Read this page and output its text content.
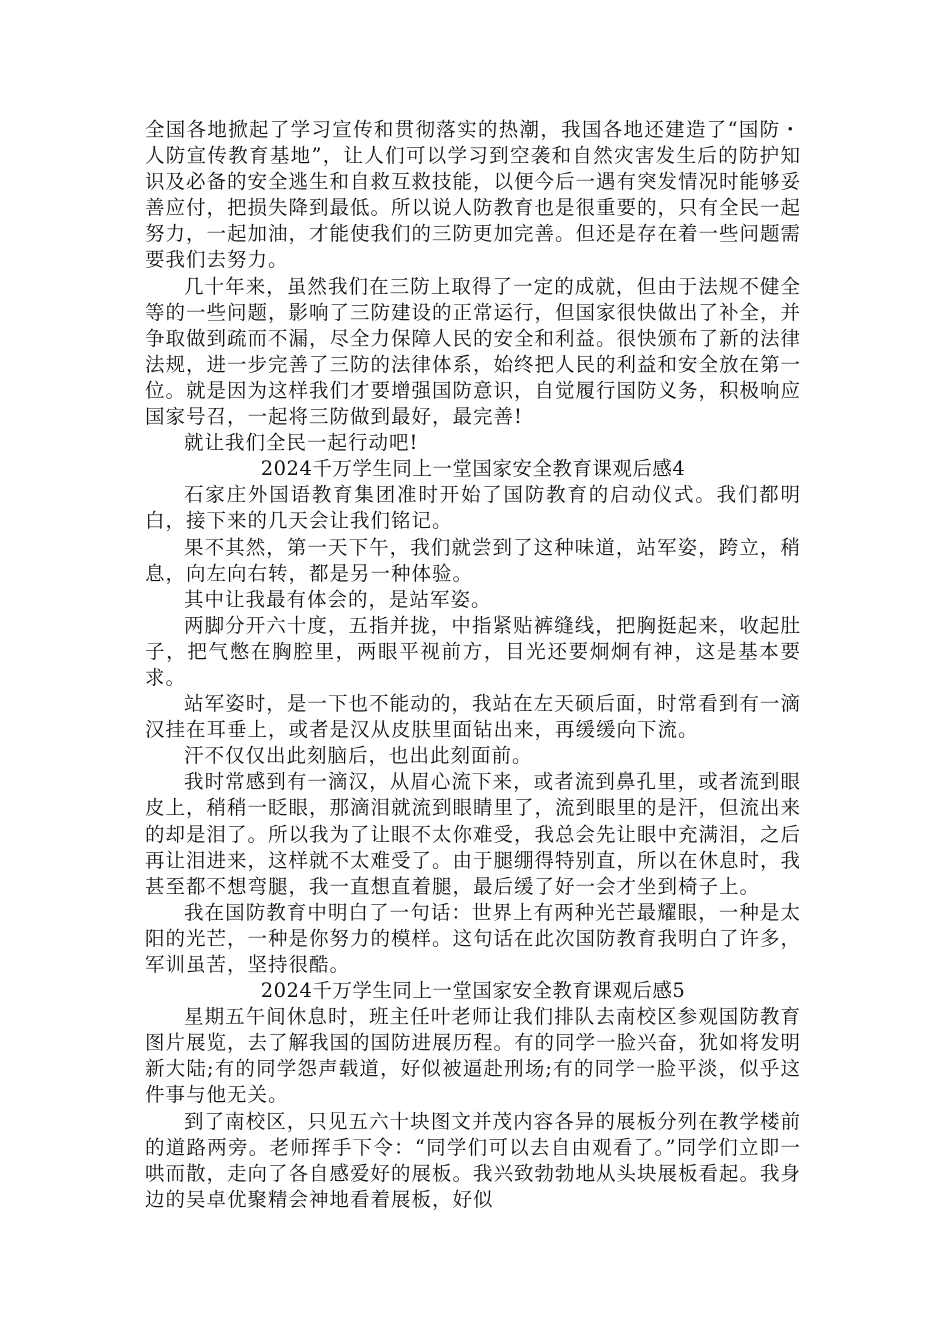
全国各地掀起了学习宣传和贯彻落实的热潮，我国各地还建造了“国防・人防宣传教育基地”，让人们可以学习到空袭和自然灾害发生后的防护知识及必备的安全逃生和自救互救技能，以便今后一遇有突发情况时能够妥善应付，把损失降到最低。所以说人防教育也是很重要的，只有全民一起努力，一起加油，才能使我们的三防更加完善。但还是存在着一些问题需要我们去努力。

几十年来，虽然我们在三防上取得了一定的成就，但由于法规不健全等的一些问题，影响了三防建设的正常运行，但国家很快做出了补全，并争取做到疏而不漏，尽全力保障人民的安全和利益。很快颁布了新的法律法规，进一步完善了三防的法律体系，始终把人民的利益和安全放在第一位。就是因为这样我们才要增强国防意识，自觉履行国防义务，积极响应国家号召，一起将三防做到最好，最完善!

就让我们全民一起行动吧!

2024千万学生同上一堂国家安全教育课观后感4

石家庄外国语教育集团准时开始了国防教育的启动仪式。我们都明白，接下来的几天会让我们铭记。

果不其然，第一天下午，我们就尝到了这种味道，站军姿，跨立，稍息，向左向右转，都是另一种体验。

其中让我最有体会的，是站军姿。

两脚分开六十度，五指并拢，中指紧贴裤缝线，把胸挺起来，收起肚子，把气憋在胸腔里，两眼平视前方，目光还要炯炯有神，这是基本要求。

站军姿时，是一下也不能动的，我站在左天硕后面，时常看到有一滴汉挂在耳垂上，或者是汉从皮肤里面钻出来，再缓缓向下流。

汗不仅仅出此刻脑后，也出此刻面前。

我时常感到有一滴汉，从眉心流下来，或者流到鼻孔里，或者流到眼皮上，稍稍一眨眼，那滴泪就流到眼睛里了，流到眼里的是汗，但流出来的却是泪了。所以我为了让眼不太你难受，我总会先让眼中充满泪，之后再让泪进来，这样就不太难受了。由于腿绷得特别直，所以在休息时，我甚至都不想弯腿，我一直想直着腿，最后缓了好一会才坐到椅子上。

我在国防教育中明白了一句话：世界上有两种光芒最耀眼，一种是太阳的光芒，一种是你努力的模样。这句话在此次国防教育我明白了许多，军训虽苦，坚持很酷。

2024千万学生同上一堂国家安全教育课观后感5

星期五午间休息时，班主任叶老师让我们排队去南校区参观国防教育图片展览，去了解我国的国防进展历程。有的同学一脸兴奋，犹如将发明新大陆;有的同学怨声载道，好似被逼赴刑场;有的同学一脸平淡，似乎这件事与他无关。

到了南校区，只见五六十块图文并茂内容各异的展板分列在教学楼前的道路两旁。老师挥手下令：“同学们可以去自由观看了。”同学们立即一哄而散，走向了各自感爱好的展板。我兴致勃勃地从头块展板看起。我身边的吴卓优聚精会神地看着展板，好似
